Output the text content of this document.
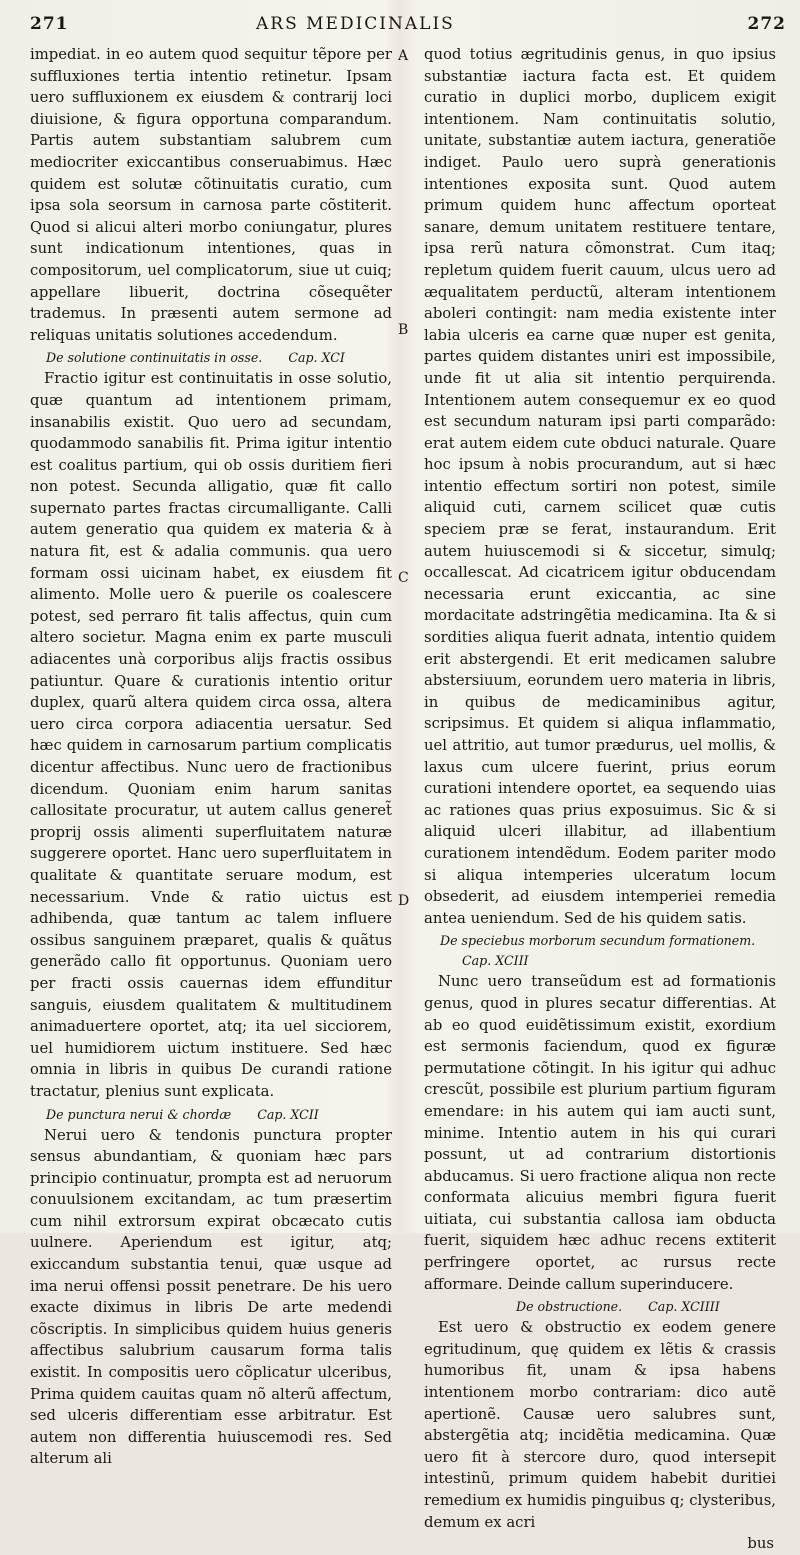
271	ARS MEDICINALIS	272
A
B
C
D

impediat. in eo autem quod sequitur tẽpore per suffluxiones tertia intentio retinetur. Ipsam uero suffluxionem ex eiusdem & contrarij loci diuisione, & figura opportuna comparandum. Partis autem substantiam salubrem cum mediocriter exiccantibus conseruabimus. Hæc quidem est solutæ cõtinuitatis curatio, cum ipsa sola seorsum in carnosa parte cõstiterit. Quod si alicui alteri morbo coniungatur, plures sunt indicationum intentiones, quas in compositorum, uel complicatorum, siue ut cuiq; appellare libuerit, doctrina cõsequẽter trademus. In præsenti autem sermone ad reliquas unitatis solutiones accedendum.

De solutione continuitatis in osse. Cap. XCI

Fractio igitur est continuitatis in osse solutio, quæ quantum ad intentionem primam, insanabilis existit. Quo uero ad secundam, quodammodo sanabilis fit. Prima igitur intentio est coalitus partium, qui ob ossis duritiem fieri non potest. Secunda alligatio, quæ fit callo supernato partes fractas circumalligante. Calli autem generatio qua quidem ex materia & à natura fit, est & adalia communis. qua uero formam ossi uicinam habet, ex eiusdem fit alimento. Molle uero & puerile os coalescere potest, sed perraro fit talis affectus, quin cum altero societur. Magna enim ex parte musculi adiacentes unà corporibus alijs fractis ossibus patiuntur. Quare & curationis intentio oritur duplex, quarũ altera quidem circa ossa, altera uero circa corpora adiacentia uersatur. Sed hæc quidem in carnosarum partium complicatis dicentur affectibus. Nunc uero de fractionibus dicendum. Quoniam enim harum sanitas callositate procuratur, ut autem callus generet̃ proprij ossis alimenti superfluitatem naturæ suggerere oportet. Hanc uero superfluitatem in qualitate & quantitate seruare modum, est necessarium. Vnde & ratio uictus est adhibenda, quæ tantum ac talem influere ossibus sanguinem præparet, qualis & quãtus generãdo callo fit opportunus. Quoniam uero per fracti ossis cauernas idem effunditur sanguis, eiusdem qualitatem & multitudinem animaduertere oportet, atq; ita uel sicciorem, uel humidiorem uictum instituere. Sed hæc omnia in libris in quibus De curandi ratione tractatur, plenius sunt explicata.

De punctura nerui & chordæ Cap. XCII

Nerui uero & tendonis punctura propter sensus abundantiam, & quoniam hæc pars principio continuatur, prompta est ad neruorum conuulsionem excitandam, ac tum præsertim cum nihil extrorsum expirat obcæcato cutis uulnere. Aperiendum est igitur, atq; exiccandum substantia tenui, quæ usque ad ima nerui offensi possit penetrare. De his uero exacte diximus in libris De arte medendi cõscriptis. In simplicibus quidem huius generis affectibus salubrium causarum forma talis existit. In compositis uero cõplicatur ulceribus, Prima quidem cauitas quam nõ alterũ affectum, sed ulceris differentiam esse arbitratur. Est autem non differentia huiuscemodi res. Sed alterum ali

quod totius ægritudinis genus, in quo ipsius substantiæ iactura facta est. Et quidem curatio in duplici morbo, duplicem exigit intentionem. Nam continuitatis solutio, unitate, substantiæ autem iactura, generatiõe indiget. Paulo uero suprà generationis intentiones exposita sunt. Quod autem primum quidem hunc affectum oporteat sanare, demum unitatem restituere tentare, ipsa rerũ natura cõmonstrat. Cum itaq; repletum quidem fuerit cauum, ulcus uero ad æqualitatem perductũ, alteram intentionem aboleri contingit: nam media existente inter labia ulceris ea carne quæ nuper est genita, partes quidem distantes uniri est impossibile, unde fit ut alia sit intentio perquirenda. Intentionem autem consequemur ex eo quod est secundum naturam ipsi parti comparãdo: erat autem eidem cute obduci naturale. Quare hoc ipsum à nobis procurandum, aut si hæc intentio effectum sortiri non potest, simile aliquid cuti, carnem scilicet quæ cutis speciem præ se ferat, instaurandum. Erit autem huiuscemodi si & siccetur, simulq; occallescat. Ad cicatricem igitur obducendam necessaria erunt exiccantia, ac sine mordacitate adstringẽtia medicamina. Ita & si sordities aliqua fuerit adnata, intentio quidem erit abstergendi. Et erit medicamen salubre abstersiuum, eorundem uero materia in libris, in quibus de medicaminibus agitur, scripsimus. Et quidem si aliqua inflammatio, uel attritio, aut tumor prædurus, uel mollis, & laxus cum ulcere fuerint, prius eorum curationi intendere oportet, ea sequendo uias ac rationes quas prius exposuimus. Sic & si aliquid ulceri illabitur, ad illabentium curationem intendẽdum. Eodem pariter modo si aliqua intemperies ulceratum locum obsederit, ad eiusdem intemperiei remedia antea ueniendum. Sed de his quidem satis.

De speciebus morborum secundum formationem. Cap. XCIII

Nunc uero transeũdum est ad formationis genus, quod in plures secatur differentias. At ab eo quod euidẽtissimum existit, exordium est sermonis faciendum, quod ex figuræ permutatione cõtingit. In his igitur qui adhuc crescũt, possibile est plurium partium figuram emendare: in his autem qui iam aucti sunt, minime. Intentio autem in his qui curari possunt, ut ad contrarium distortionis abducamus. Si uero fractione aliqua non recte conformata alicuius membri figura fuerit uitiata, cui substantia callosa iam obducta fuerit, siquidem hæc adhuc recens extiterit perfringere oportet, ac rursus recte afformare. Deinde callum superinducere.

De obstructione. Cap. XCIIII

Est uero & obstructio ex eodem genere egritudinum, quę quidem ex lẽtis & crassis humoribus fit, unam & ipsa habens intentionem morbo contrariam: dico autẽ apertionẽ. Causæ uero salubres sunt, abstergẽtia atq; incidẽtia medicamina. Quæ uero fit à stercore duro, quod intersepit intestinũ, primum quidem habebit duritiei remedium ex humidis pinguibus q; clysteribus, demum ex acri

bus
